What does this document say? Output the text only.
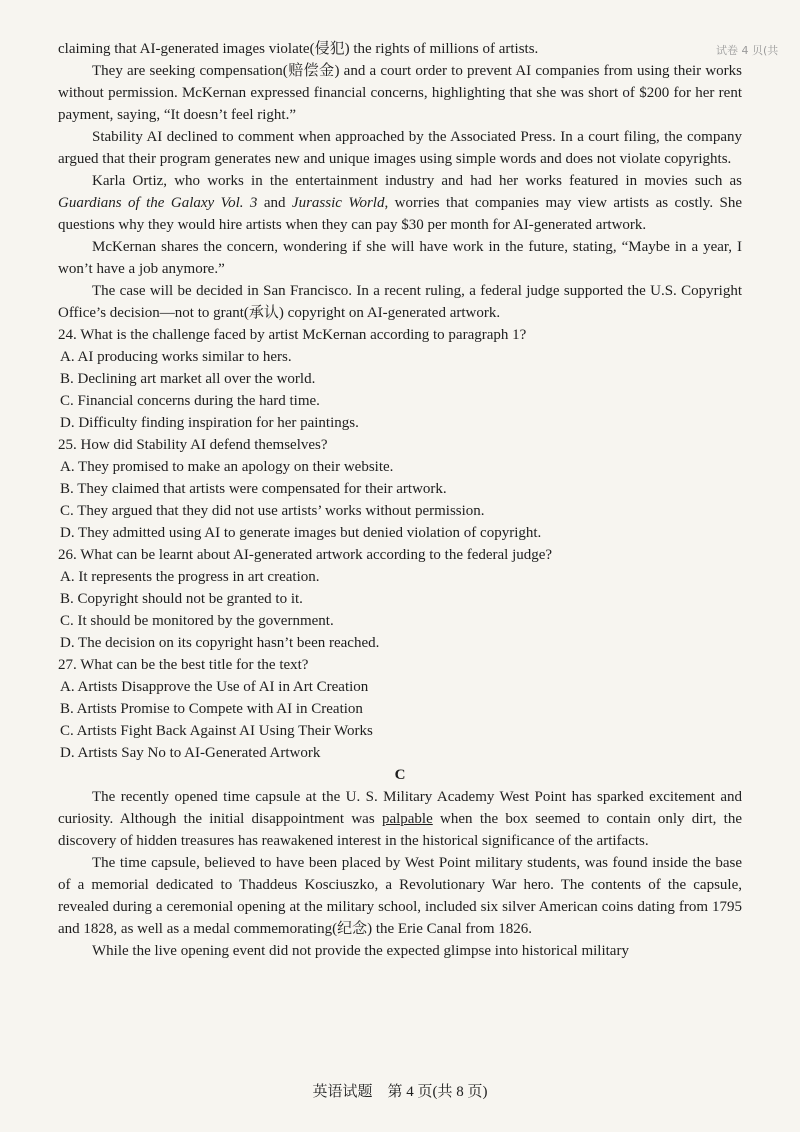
试卷 4 贝(共

claiming that AI-generated images violate(侵犯) the rights of millions of artists.

They are seeking compensation(赔偿金) and a court order to prevent AI companies from using their works without permission. McKernan expressed financial concerns, highlighting that she was short of $200 for her rent payment, saying, “It doesn’t feel right.”

Stability AI declined to comment when approached by the Associated Press. In a court filing, the company argued that their program generates new and unique images using simple words and does not violate copyrights.

Karla Ortiz, who works in the entertainment industry and had her works featured in movies such as Guardians of the Galaxy Vol. 3 and Jurassic World, worries that companies may view artists as costly. She questions why they would hire artists when they can pay $30 per month for AI-generated artwork.

McKernan shares the concern, wondering if she will have work in the future, stating, “Maybe in a year, I won’t have a job anymore.”

The case will be decided in San Francisco. In a recent ruling, a federal judge supported the U.S. Copyright Office’s decision—not to grant(承认) copyright on AI-generated artwork.

24. What is the challenge faced by artist McKernan according to paragraph 1?

A. AI producing works similar to hers.

B. Declining art market all over the world.

C. Financial concerns during the hard time.

D. Difficulty finding inspiration for her paintings.

25. How did Stability AI defend themselves?

A. They promised to make an apology on their website.

B. They claimed that artists were compensated for their artwork.

C. They argued that they did not use artists’ works without permission.

D. They admitted using AI to generate images but denied violation of copyright.

26. What can be learnt about AI-generated artwork according to the federal judge?

A. It represents the progress in art creation.

B. Copyright should not be granted to it.

C. It should be monitored by the government.

D. The decision on its copyright hasn’t been reached.

27. What can be the best title for the text?

A. Artists Disapprove the Use of AI in Art Creation

B. Artists Promise to Compete with AI in Creation

C. Artists Fight Back Against AI Using Their Works

D. Artists Say No to AI-Generated Artwork

C

The recently opened time capsule at the U. S. Military Academy West Point has sparked excitement and curiosity. Although the initial disappointment was palpable when the box seemed to contain only dirt, the discovery of hidden treasures has reawakened interest in the historical significance of the artifacts.

The time capsule, believed to have been placed by West Point military students, was found inside the base of a memorial dedicated to Thaddeus Kosciuszko, a Revolutionary War hero. The contents of the capsule, revealed during a ceremonial opening at the military school, included six silver American coins dating from 1795 and 1828, as well as a medal commemorating(纪念) the Erie Canal from 1826.

While the live opening event did not provide the expected glimpse into historical military

英语试题　第 4 页(共 8 页)
